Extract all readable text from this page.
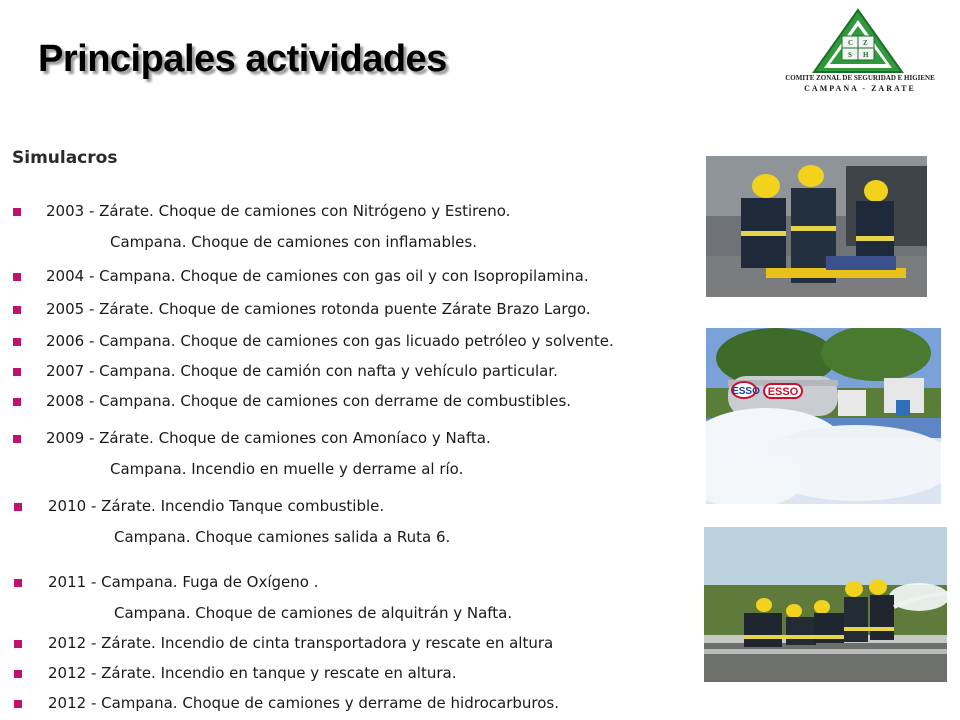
Principales actividades	C Z
S H
COMITE ZONAL DE SEGURIDAD E HIGIENE
CAMPANA - ZARATE
Simulacros
2003 - Zárate. Choque de camiones con Nitrógeno y Estireno.
Campana. Choque de camiones con inflamables.
2004 - Campana. Choque de camiones con gas oil y con Isopropilamina.
2005 - Zárate. Choque de camiones rotonda puente Zárate Brazo Largo.
2006 - Campana. Choque de camiones con gas licuado petróleo y solvente.
2007 - Campana. Choque de camión con nafta y vehículo particular.
2008 - Campana. Choque de camiones con derrame de combustibles.
2009 - Zárate. Choque de camiones con Amoníaco y Nafta.
Campana. Incendio en muelle y derrame al río.
2010 - Zárate. Incendio Tanque combustible.
Campana. Choque camiones salida a Ruta 6.
2011 - Campana. Fuga de Oxígeno .
Campana. Choque de camiones de alquitrán y Nafta.
2012 - Zárate. Incendio de cinta transportadora y rescate en altura
2012 - Zárate. Incendio en tanque y rescate en altura.
2012 - Campana. Choque de camiones y derrame de hidrocarburos.
ESSO ESSO
